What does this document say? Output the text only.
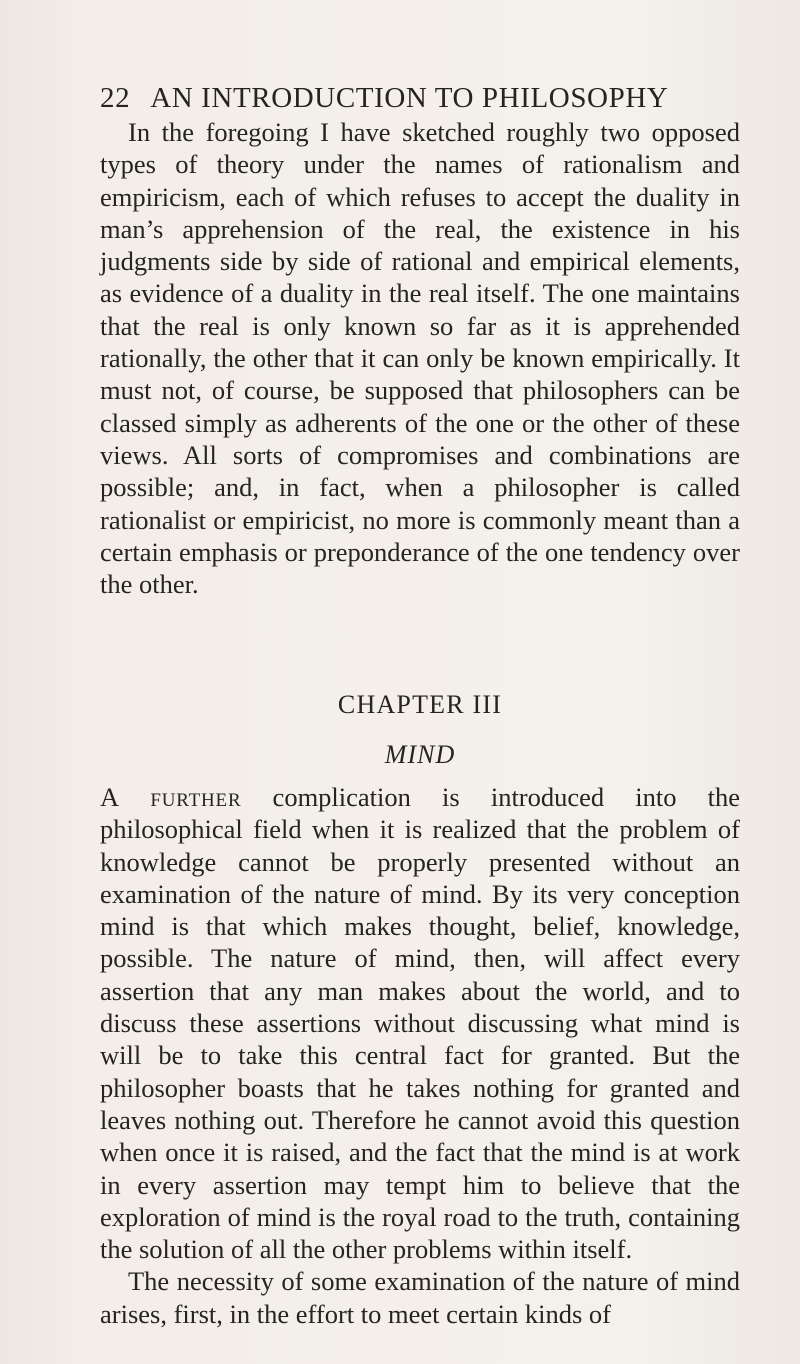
22 AN INTRODUCTION TO PHILOSOPHY

In the foregoing I have sketched roughly two opposed types of theory under the names of rationalism and empiricism, each of which refuses to accept the duality in man’s apprehension of the real, the existence in his judgments side by side of rational and empirical elements, as evidence of a duality in the real itself. The one maintains that the real is only known so far as it is apprehended rationally, the other that it can only be known empirically. It must not, of course, be supposed that philosophers can be classed simply as adherents of the one or the other of these views. All sorts of compromises and combinations are possible; and, in fact, when a philosopher is called rationalist or empiricist, no more is commonly meant than a certain emphasis or preponderance of the one tendency over the other.

CHAPTER III
MIND

A further complication is introduced into the philosophical field when it is realized that the problem of knowledge cannot be properly presented without an examination of the nature of mind. By its very conception mind is that which makes thought, belief, knowledge, possible. The nature of mind, then, will affect every assertion that any man makes about the world, and to discuss these assertions without discussing what mind is will be to take this central fact for granted. But the philosopher boasts that he takes nothing for granted and leaves nothing out. Therefore he cannot avoid this question when once it is raised, and the fact that the mind is at work in every assertion may tempt him to believe that the exploration of mind is the royal road to the truth, containing the solution of all the other problems within itself.

The necessity of some examination of the nature of mind arises, first, in the effort to meet certain kinds of
